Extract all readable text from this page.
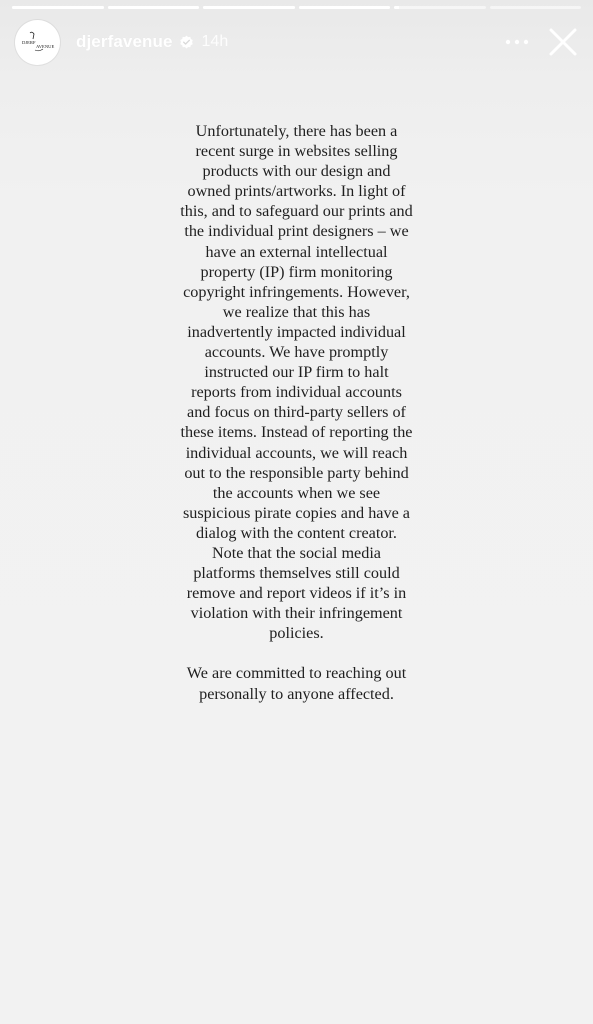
DJERF
AVENUE djerfavenue 14h

Unfortunately, there has been a recent surge in websites selling products with our design and owned prints/artworks. In light of this, and to safeguard our prints and the individual print designers – we have an external intellectual property (IP) firm monitoring copyright infringements. However, we realize that this has inadvertently impacted individual accounts. We have promptly instructed our IP firm to halt reports from individual accounts and focus on third-party sellers of these items. Instead of reporting the individual accounts, we will reach out to the responsible party behind the accounts when we see suspicious pirate copies and have a dialog with the content creator. Note that the social media platforms themselves still could remove and report videos if it’s in violation with their infringement policies.

We are committed to reaching out personally to anyone affected.
